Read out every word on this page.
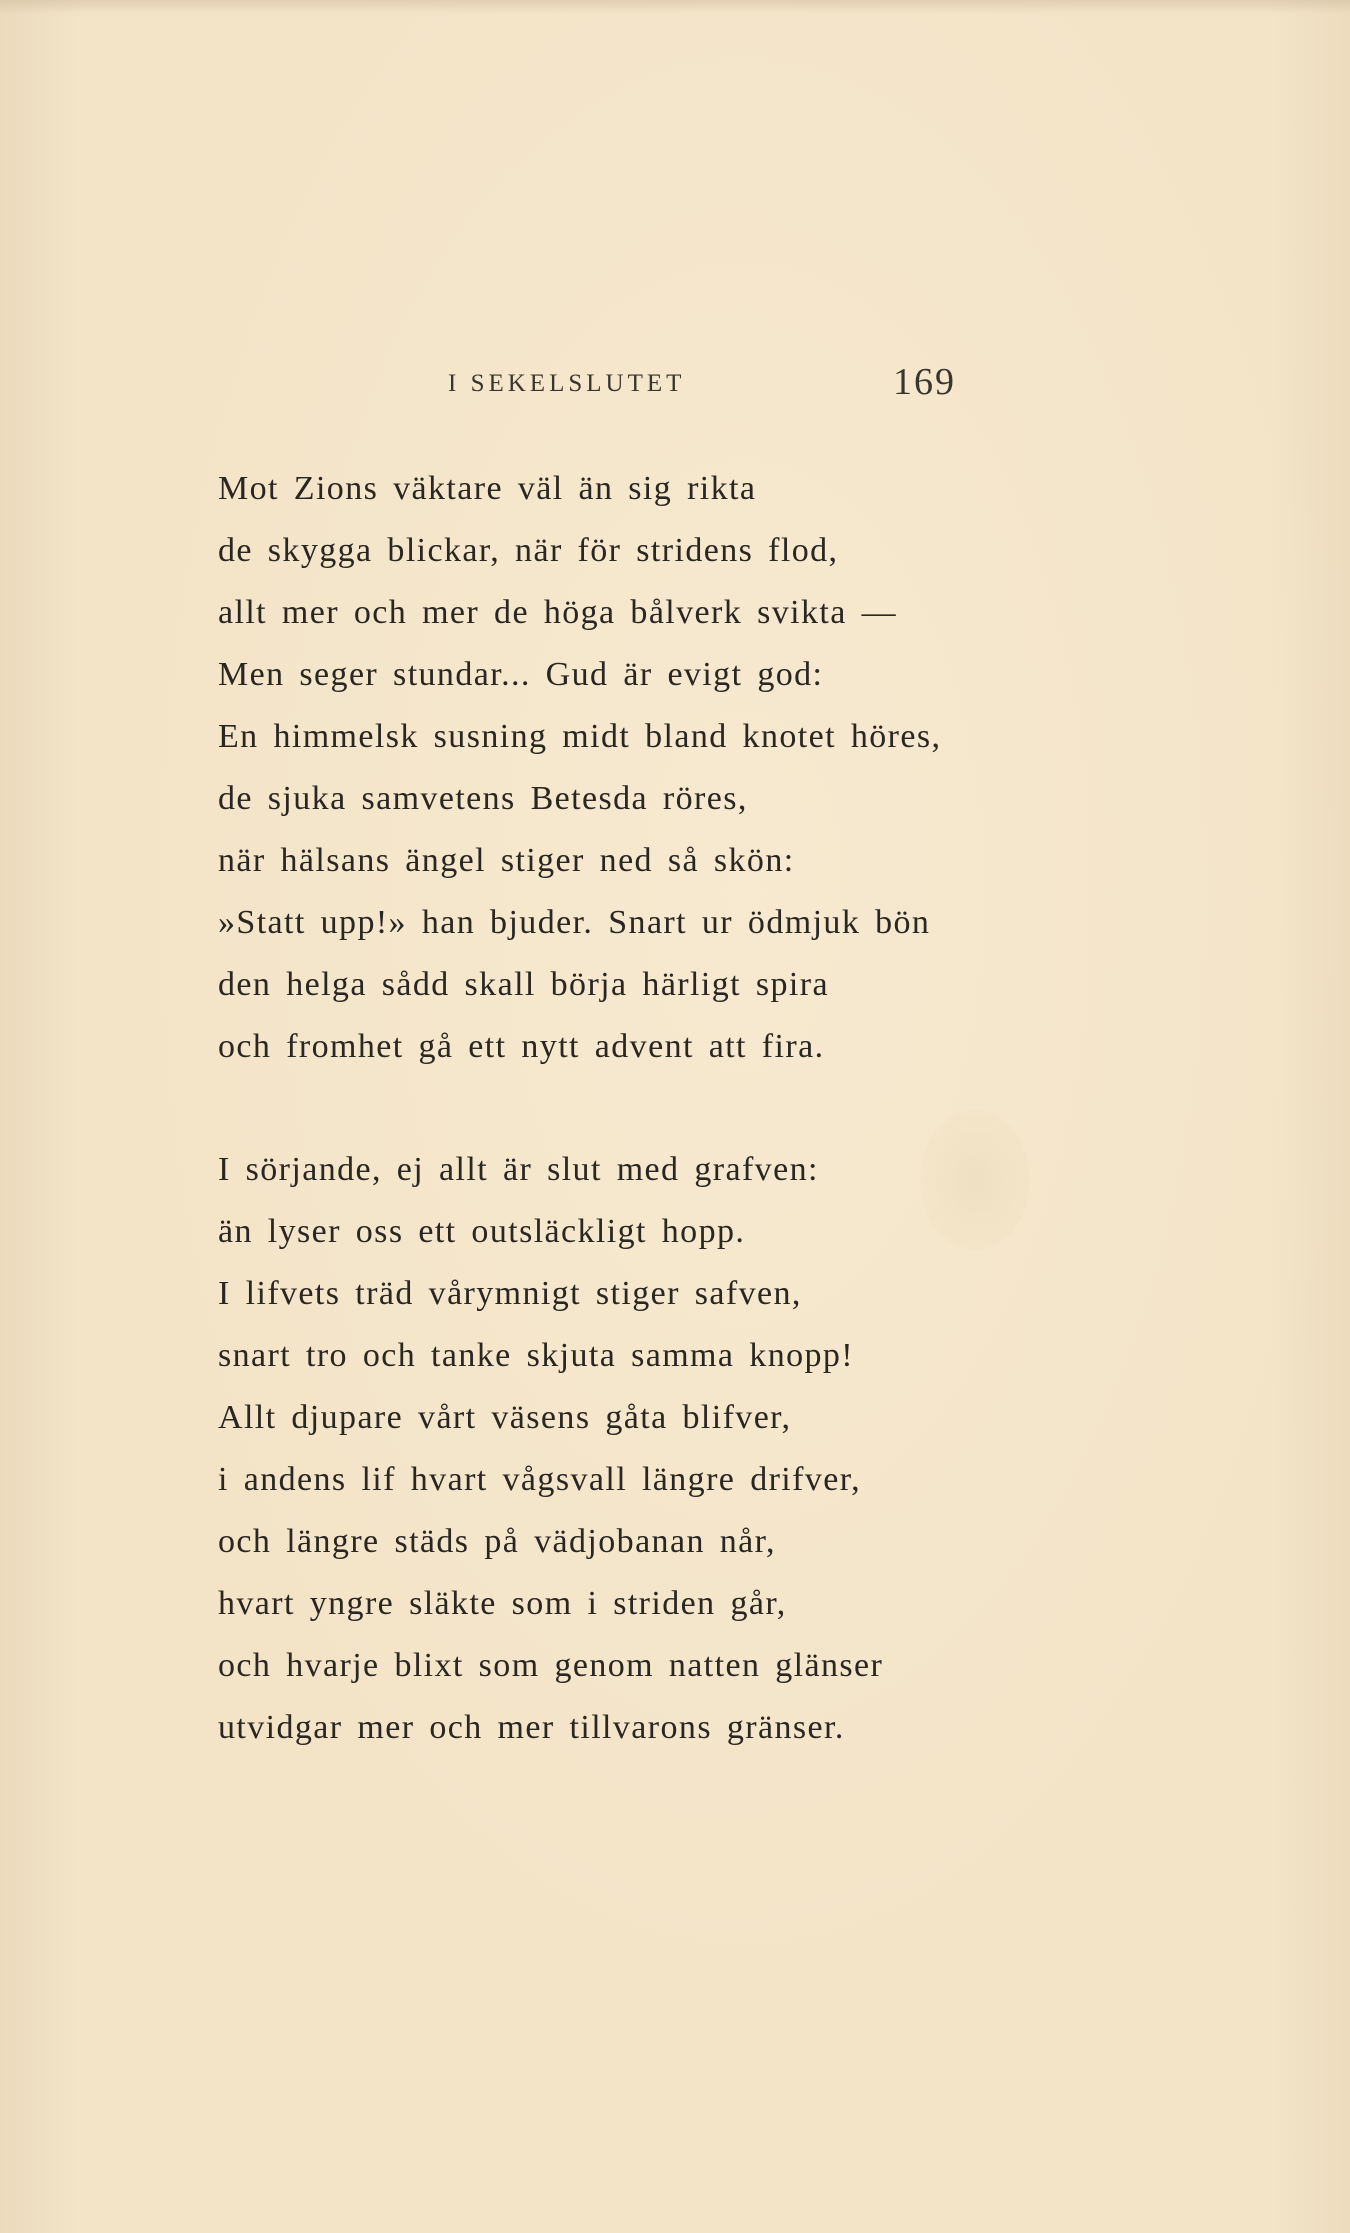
I SEKELSLUTET	169
Mot Zions väktare väl än sig rikta
de skygga blickar, när för stridens flod,
allt mer och mer de höga bålverk svikta —
Men seger stundar... Gud är evigt god:
En himmelsk susning midt bland knotet höres,
de sjuka samvetens Betesda röres,
när hälsans ängel stiger ned så skön:
»Statt upp!» han bjuder. Snart ur ödmjuk bön
den helga sådd skall börja härligt spira
och fromhet gå ett nytt advent att fira.
I sörjande, ej allt är slut med grafven:
än lyser oss ett outsläckligt hopp.
I lifvets träd vårymnigt stiger safven,
snart tro och tanke skjuta samma knopp!
Allt djupare vårt väsens gåta blifver,
i andens lif hvart vågsvall längre drifver,
och längre städs på vädjobanan når,
hvart yngre släkte som i striden går,
och hvarje blixt som genom natten glänser
utvidgar mer och mer tillvarons gränser.
